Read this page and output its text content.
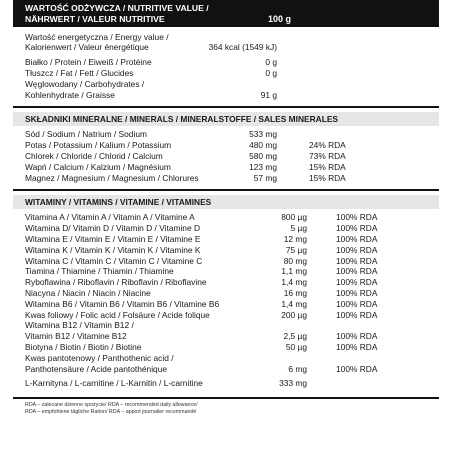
WARTOŚĆ ODŻYWCZA / NUTRITIVE VALUE /
NÄHRWERT / VALEUR NUTRITIVE	100 g
Wartość energetyczna / Energy value /
Kalorienwert / Valeur énergétique	364 kcal (1549 kJ)
Białko / Protein / Eiweiß / Protéine	0 g
Tłuszcz / Fat / Fett / Glucides	0 g
Węglowodany / Carbohydrates /
Kohlenhydrate / Graisse	91 g
SKŁADNIKI MINERALNE / MINERALS / MINERALSTOFFE / SALES MINERALES
Sód / Sodium / Natrium / Sodium	533 mg
Potas / Potassium / Kalium / Potassium	480 mg	24% RDA
Chlorek / Chloride / Chlorid / Calcium	580 mg	73% RDA
Wapń / Calcium / Kalzium / Magnésium	123 mg	15% RDA
Magnez / Magnesium / Magnesium / Chlorures	57 mg	15% RDA
WITAMINY / VITAMINS / VITAMINE / VITAMINES
Vitamina A / Vitamin A / Vitamin A / Vitamine A	800 µg	100% RDA
Witamina D/ Vitamin D / Vitamin D / Vitamine D	5 µg	100% RDA
Witamina E / Vitamin E / Vitamin E / Vitamine E	12 mg	100% RDA
Witamina K / Vitamin K / Vitamin K / Vitamine K	75 µg	100% RDA
Witamina C / Vitamin C / Vitamin C / Vitamine C	80 mg	100% RDA
Tiamina / Thiamine / Thiamin / Thiamine	1,1 mg	100% RDA
Ryboflawina / Riboflavin / Riboflavin / Riboflavine	1,4 mg	100% RDA
Niacyna / Niacin / Niacin / Niacine	16 mg	100% RDA
Witamina B6 / Vitamin B6 / Vitamin B6 / Vitamine B6	1,4 mg	100% RDA
Kwas foliowy / Folic acid / Folsäure / Acide folique	200 µg	100% RDA
Witamina B12 / Vitamin B12 /
Vitamin B12 / Vitamine B12	2,5 µg	100% RDA
Biotyna / Biotin / Biotin / Biotine	50 µg	100% RDA
Kwas pantotenowy / Panthothenic acid /
Panthotensäure / Acide pantothénique	6 mg	100% RDA
L-Karnityna / L-carnitine / L-Karnitin / L-carnitine	333 mg
RDA – zalecane dzienne spożycie/ RDA – recommended daily allowance/
RDA – empfohlene tägliche Ration/ RDA – apport journalier recommandé
